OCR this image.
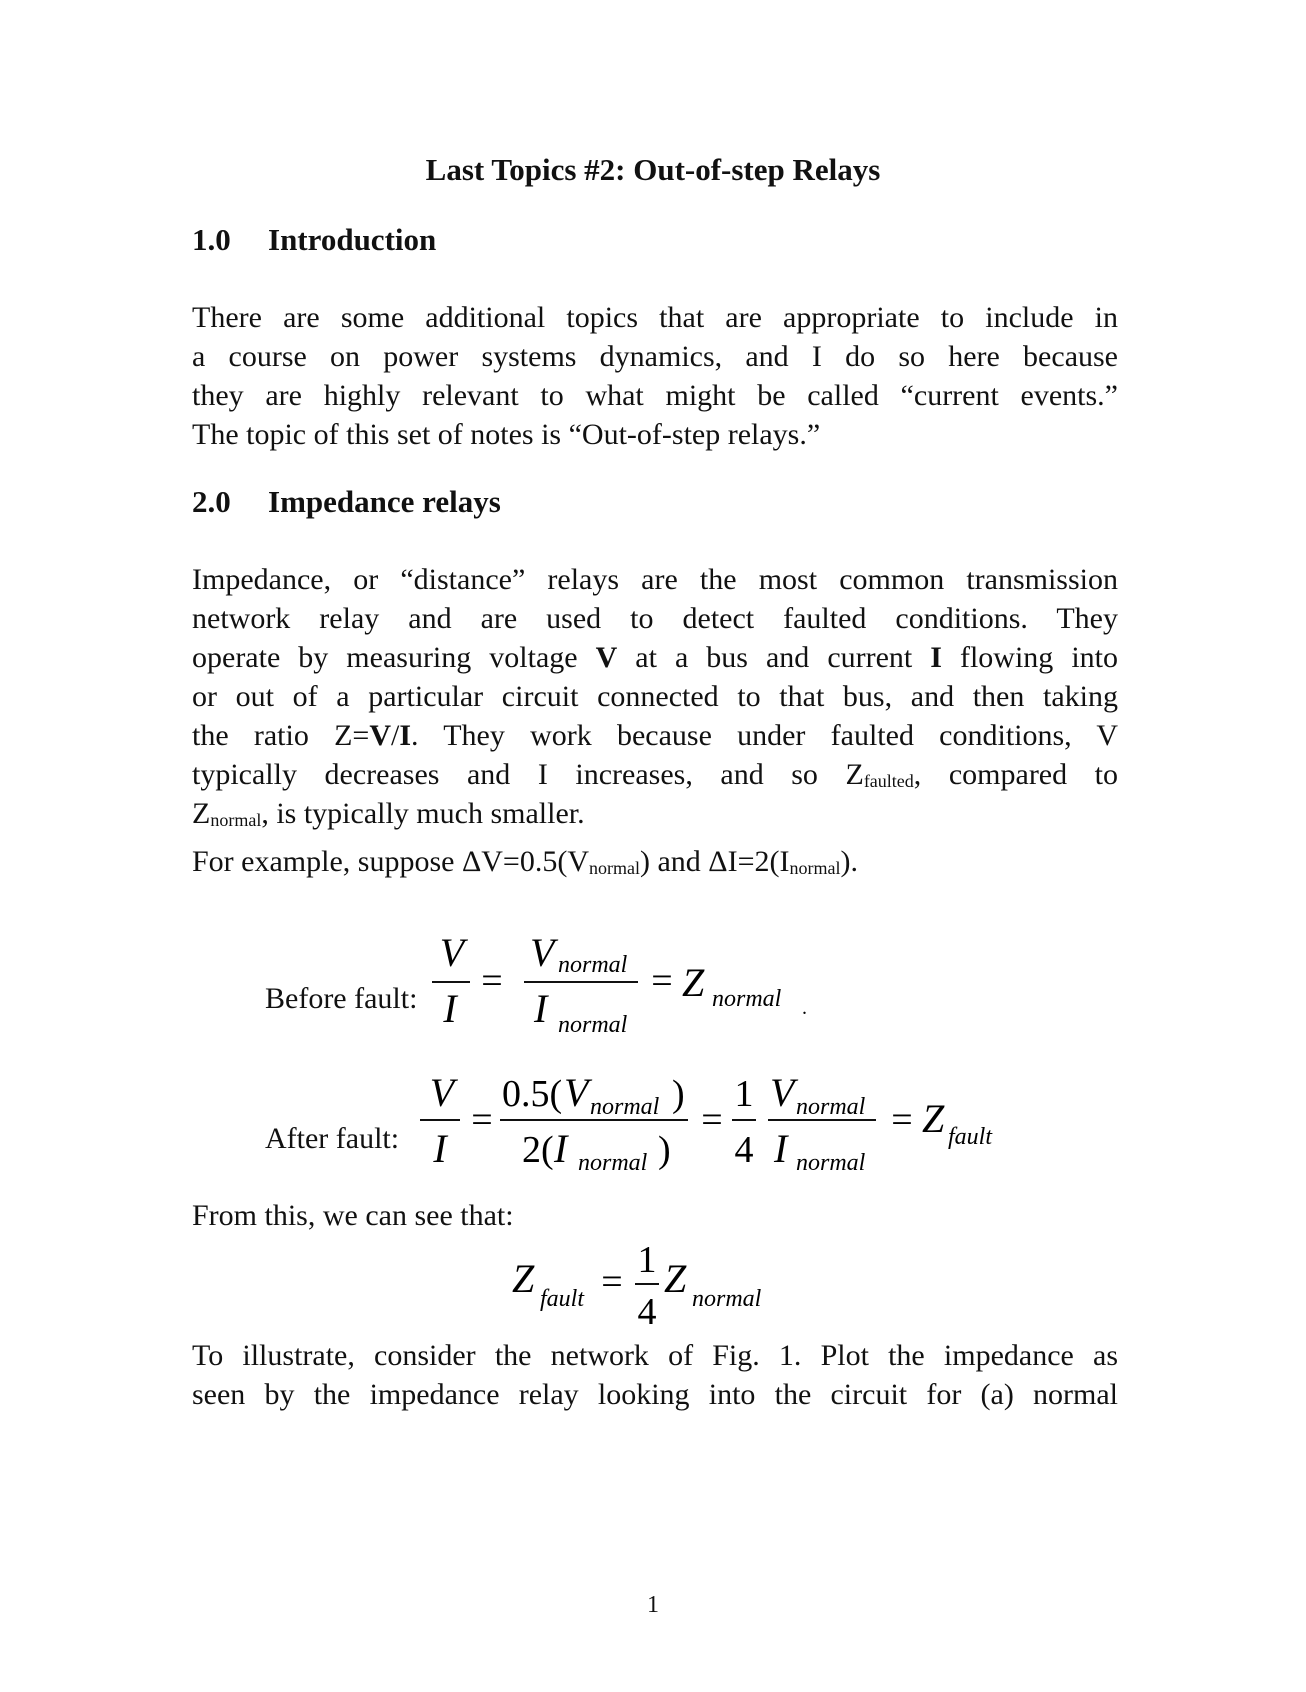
Last Topics #2: Out-of-step Relays
1.0 Introduction
There are some additional topics that are appropriate to include in
a course on power systems dynamics, and I do so here because
they are highly relevant to what might be called “current events.”
The topic of this set of notes is “Out-of-step relays.”
2.0 Impedance relays
Impedance, or “distance” relays are the most common transmission
network relay and are used to detect faulted conditions. They
operate by measuring voltage V at a bus and current I flowing into
or out of a particular circuit connected to that bus, and then taking
the ratio Z=V/I. They work because under faulted conditions, V
typically decreases and I increases, and so $Z_{faulted}$, compared to
$Z_{normal}$, is typically much smaller.
For example, suppose $\Delta V=0.5(V_{normal})$ and $\Delta I=2(I_{normal})$.
Before fault:
V
I
=
V normal
I normal
= Z normal .
After fault:
V
I
=
0.5( V normal )
2( I normal )
=
1
4
V normal
I normal
= Z fault
From this, we can see that:
Z fault =
1
4
Z normal
To illustrate, consider the network of Fig. 1. Plot the impedance as
seen by the impedance relay looking into the circuit for (a) normal
1
